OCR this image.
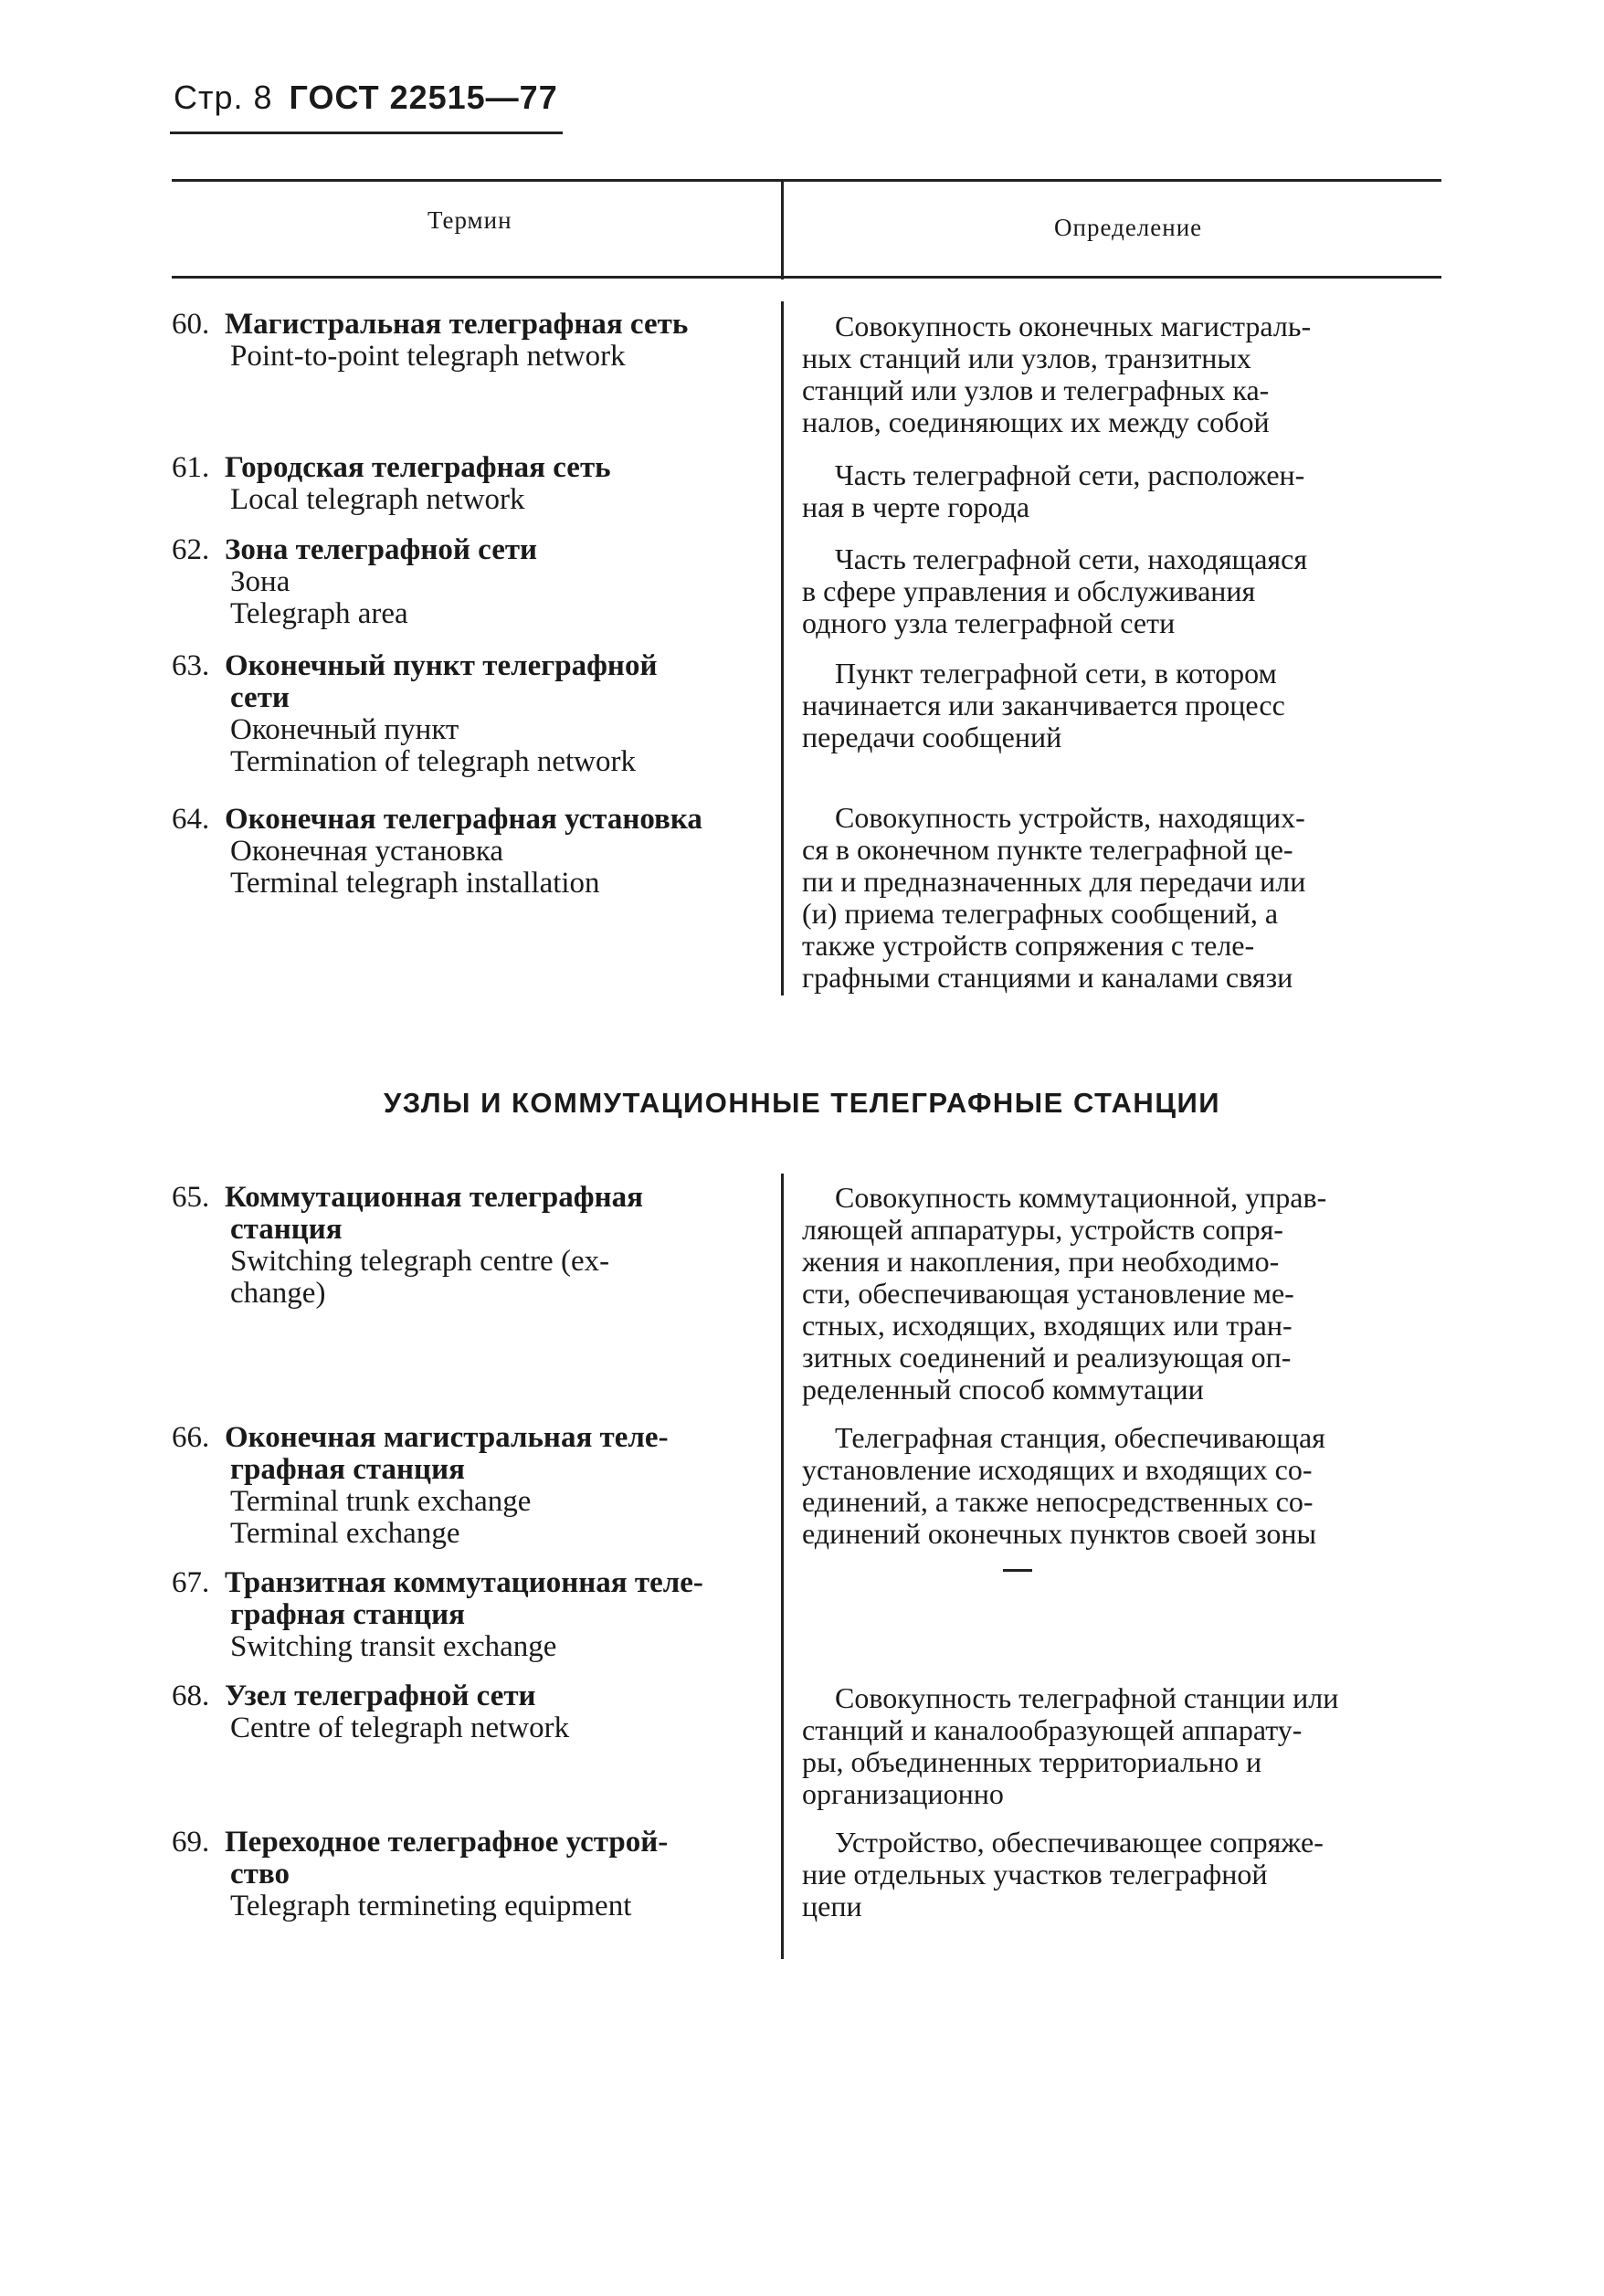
Стр. 8 ГОСТ 22515—77
Термин	Определение
60. Магистральная телеграфная сеть
Point-to-point telegraph network
Совокупность оконечных магистраль-
ных станций или узлов, транзитных
станций или узлов и телеграфных ка-
налов, соединяющих их между собой
61. Городская телеграфная сеть
Local telegraph network
Часть телеграфной сети, расположен-
ная в черте города
62. Зона телеграфной сети
Зона
Telegraph area
Часть телеграфной сети, находящаяся
в сфере управления и обслуживания
одного узла телеграфной сети
63. Оконечный пункт телеграфной
сети
Оконечный пункт
Termination of telegraph network
Пункт телеграфной сети, в котором
начинается или заканчивается процесс
передачи сообщений
64. Оконечная телеграфная установка
Оконечная установка
Terminal telegraph installation
Совокупность устройств, находящих-
ся в оконечном пункте телеграфной це-
пи и предназначенных для передачи или
(и) приема телеграфных сообщений, а
также устройств сопряжения с теле-
графными станциями и каналами связи
УЗЛЫ И КОММУТАЦИОННЫЕ ТЕЛЕГРАФНЫЕ СТАНЦИИ
65. Коммутационная телеграфная
станция
Switching telegraph centre (ex-
change)
Совокупность коммутационной, управ-
ляющей аппаратуры, устройств сопря-
жения и накопления, при необходимо-
сти, обеспечивающая установление ме-
стных, исходящих, входящих или тран-
зитных соединений и реализующая оп-
ределенный способ коммутации
66. Оконечная магистральная теле-
графная станция
Terminal trunk exchange
Terminal exchange
Телеграфная станция, обеспечивающая
установление исходящих и входящих со-
единений, а также непосредственных со-
единений оконечных пунктов своей зоны
67. Транзитная коммутационная теле-
графная станция
Switching transit exchange
68. Узел телеграфной сети
Centre of telegraph network
Совокупность телеграфной станции или
станций и каналообразующей аппарату-
ры, объединенных территориально и
организационно
69. Переходное телеграфное устрой-
ство
Telegraph termineting equipment
Устройство, обеспечивающее сопряже-
ние отдельных участков телеграфной
цепи
